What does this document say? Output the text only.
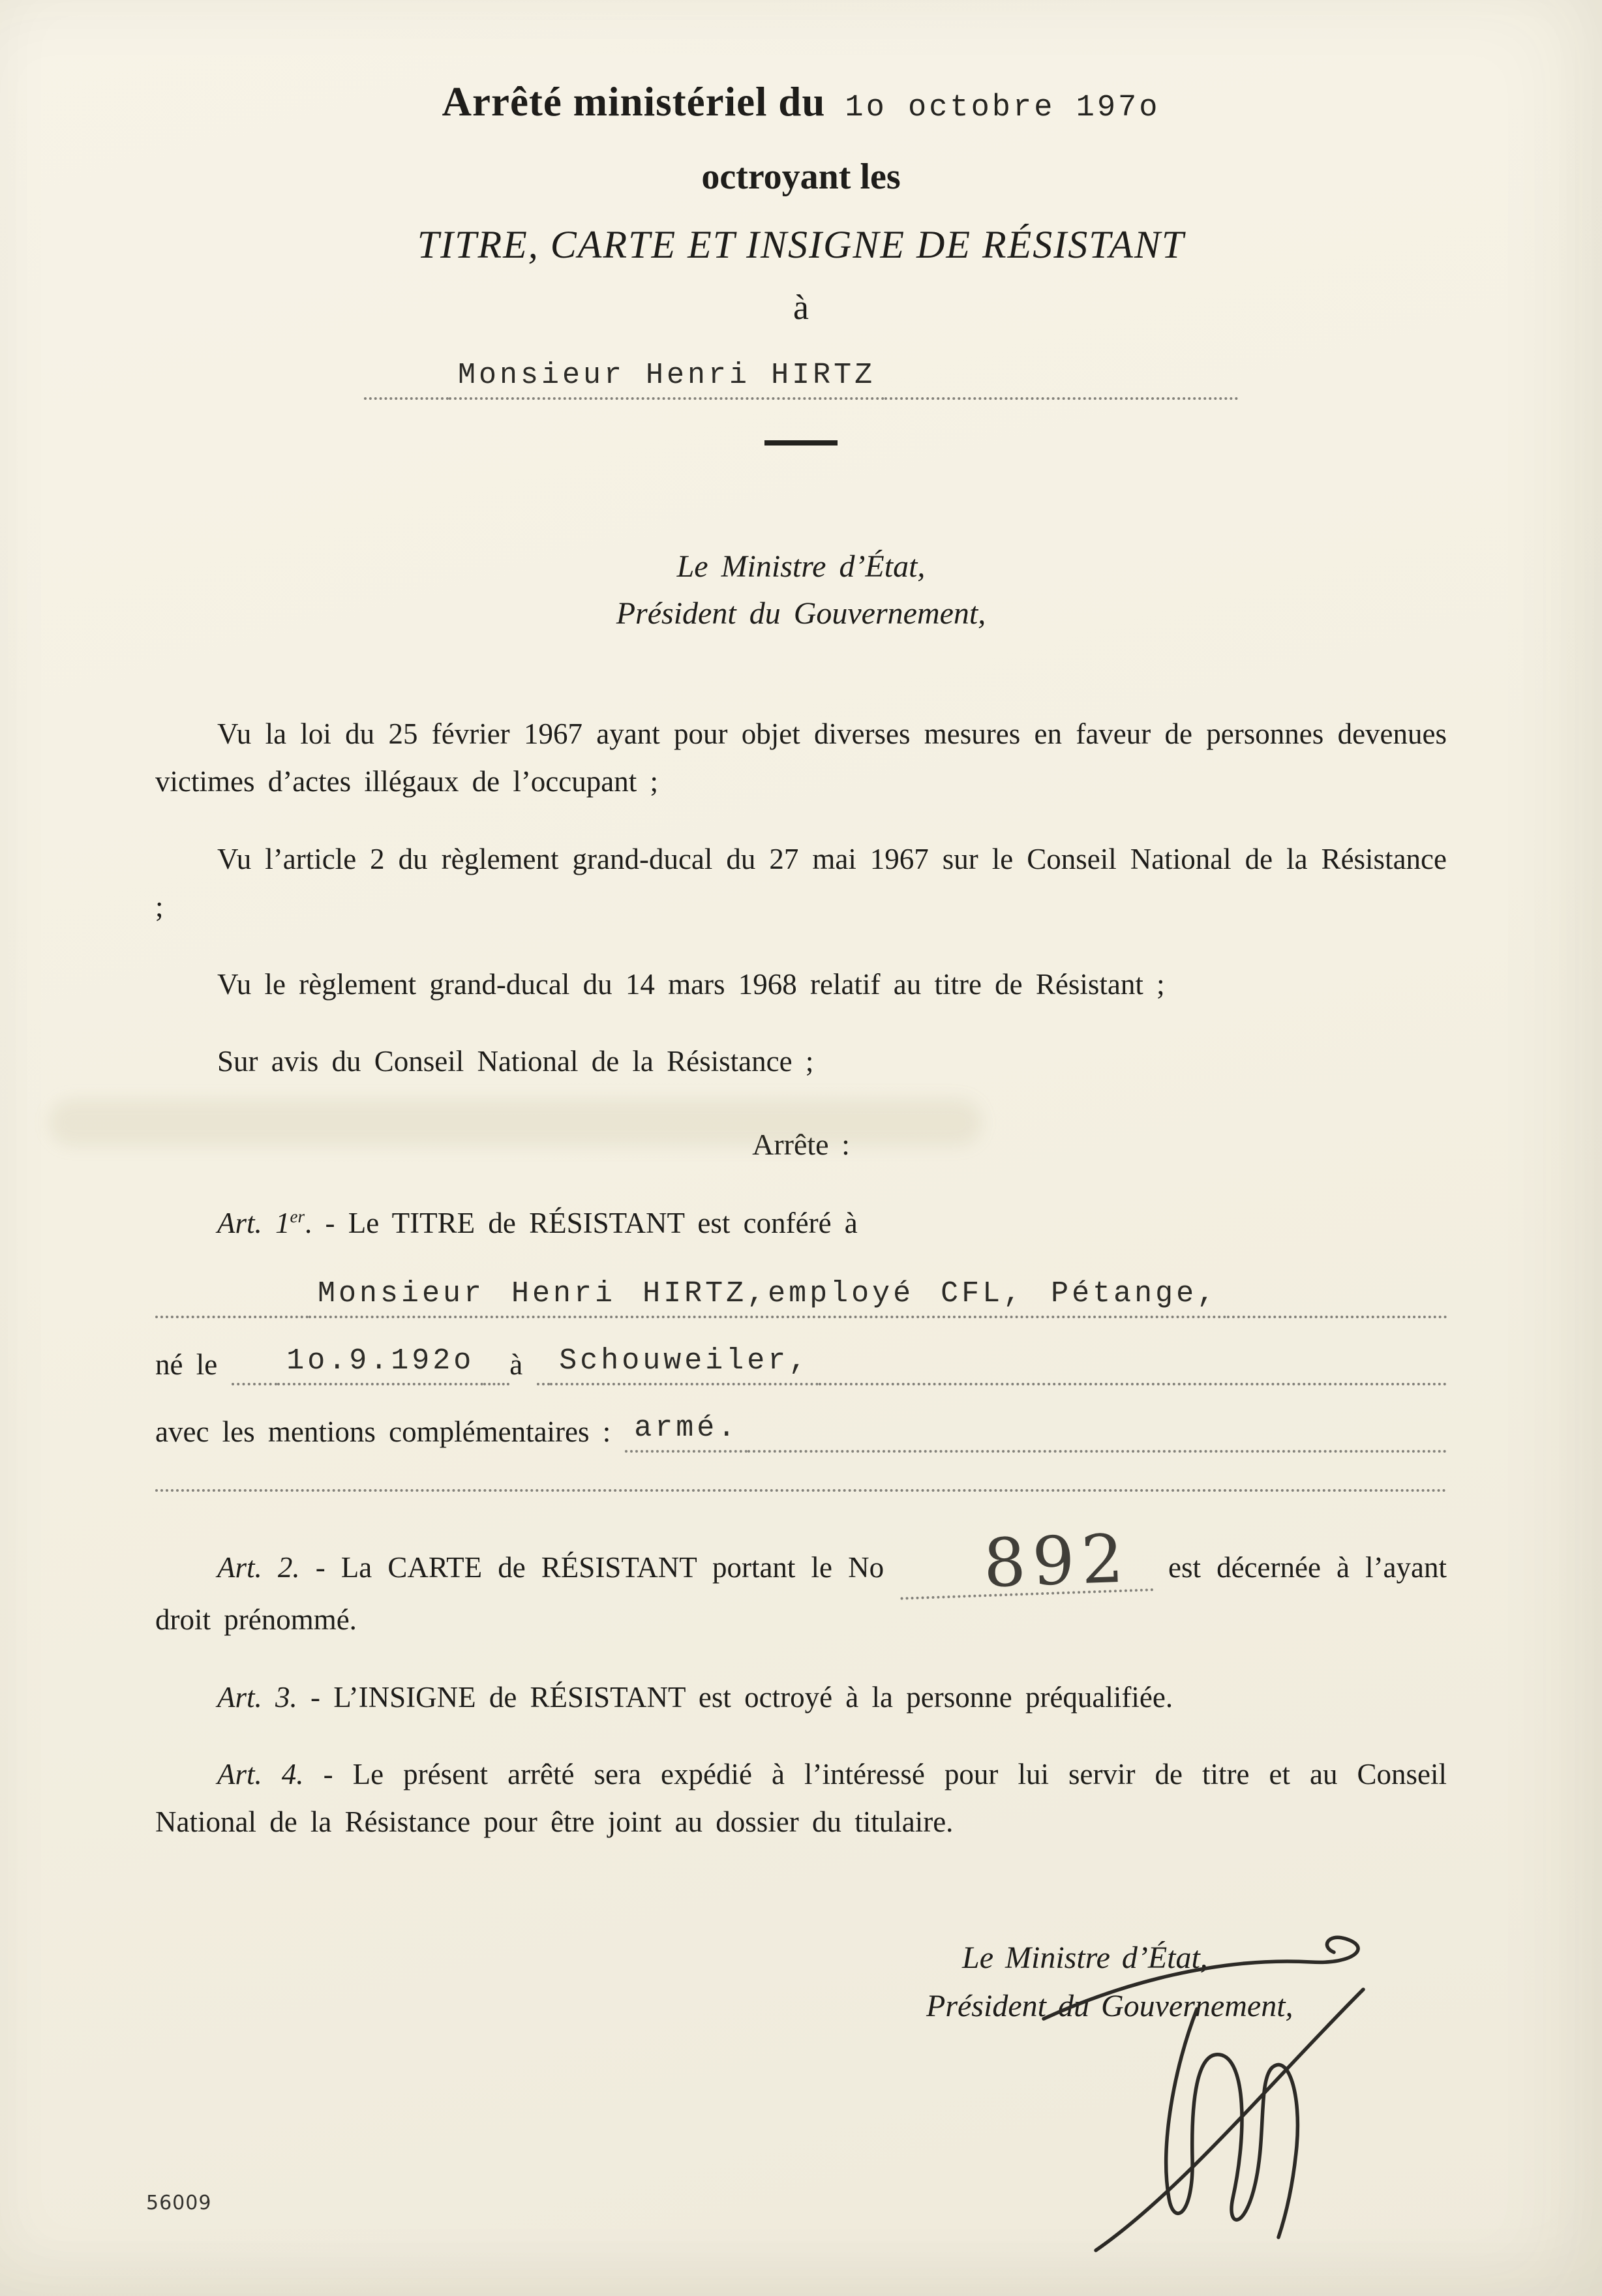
Arrêté ministériel du 1o octobre 197o
octroyant les
TITRE, CARTE ET INSIGNE DE RÉSISTANT
à
Monsieur Henri HIRTZ
Le Ministre d’État,
Président du Gouvernement,

Vu la loi du 25 février 1967 ayant pour objet diverses mesures en faveur de personnes devenues victimes d’actes illégaux de l’occupant ;

Vu l’article 2 du règlement grand-ducal du 27 mai 1967 sur le Conseil National de la Résistance ;

Vu le règlement grand-ducal du 14 mars 1968 relatif au titre de Résistant ;

Sur avis du Conseil National de la Résistance ;

Arrête :

Art. 1er. - Le TITRE de RÉSISTANT est conféré à

Monsieur Henri HIRTZ,employé CFL, Pétange,
né le	1o.9.192o	à	Schouweiler,
avec les mentions complémentaires : armé.

Art. 2. - La CARTE de RÉSISTANT portant le No 892 est décernée à l’ayant droit prénommé.

Art. 3. - L’INSIGNE de RÉSISTANT est octroyé à la personne préqualifiée.

Art. 4. - Le présent arrêté sera expédié à l’intéressé pour lui servir de titre et au Conseil National de la Résistance pour être joint au dossier du titulaire.

Le Ministre d’État,
Président du Gouvernement,
56009
